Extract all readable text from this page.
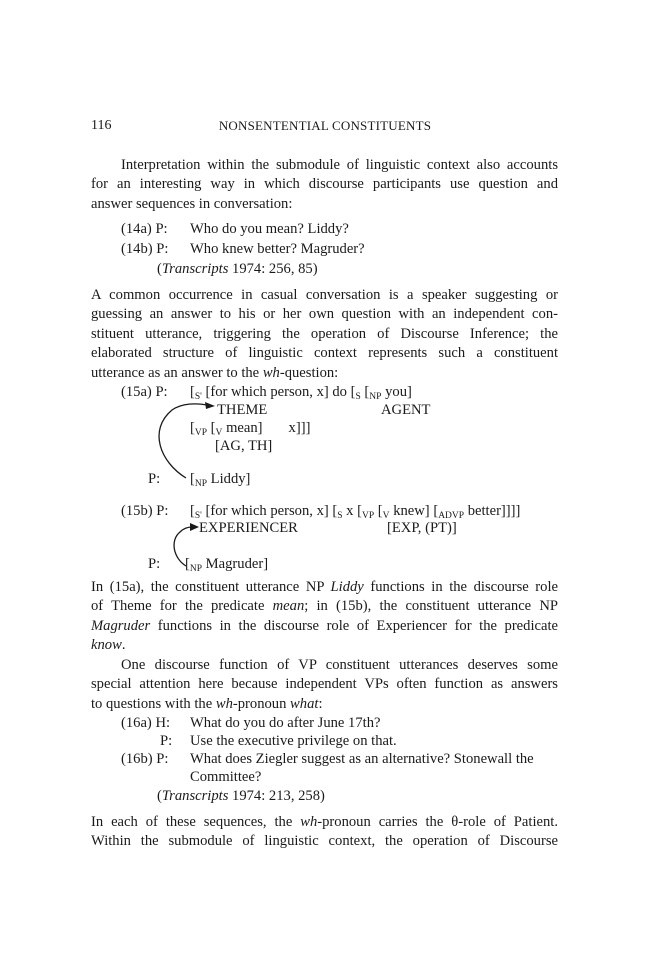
116	NONSENTENTIAL CONSTITUENTS
Interpretation within the submodule of linguistic context also accounts
for an interesting way in which discourse participants use question and
answer sequences in conversation:
(14a) P: Who do you mean? Liddy?
(14b) P: Who knew better? Magruder?
(Transcripts 1974: 256, 85)
A common occurrence in casual conversation is a speaker suggesting or
guessing an answer to his or her own question with an independent con-
stituent utterance, triggering the operation of Discourse Inference; the
elaborated structure of linguistic context represents such a constituent
utterance as an answer to the wh-question:
(15a) P: [$_{S'}$ [for which person, x] do [$_S$ [$_{NP}$ you]
THEME	AGENT
[$_{VP}$ [$_V$ mean] x]]]
[AG, TH]
P: [$_{NP}$ Liddy]
(15b) P: [$_{S'}$ [for which person, x] [$_S$ x [$_{VP}$ [$_V$ knew] [$_{ADVP}$ better]]]]
EXPERIENCER	[EXP, (PT)]
P: [$_{NP}$ Magruder]
In (15a), the constituent utterance NP Liddy functions in the discourse role
of Theme for the predicate mean; in (15b), the constituent utterance NP
Magruder functions in the discourse role of Experiencer for the predicate
know.
One discourse function of VP constituent utterances deserves some
special attention here because independent VPs often function as answers
to questions with the wh-pronoun what:
(16a) H: What do you do after June 17th?
P: Use the executive privilege on that.
(16b) P: What does Ziegler suggest as an alternative? Stonewall the
Committee?
(Transcripts 1974: 213, 258)
In each of these sequences, the wh-pronoun carries the θ-role of Patient.
Within the submodule of linguistic context, the operation of Discourse
